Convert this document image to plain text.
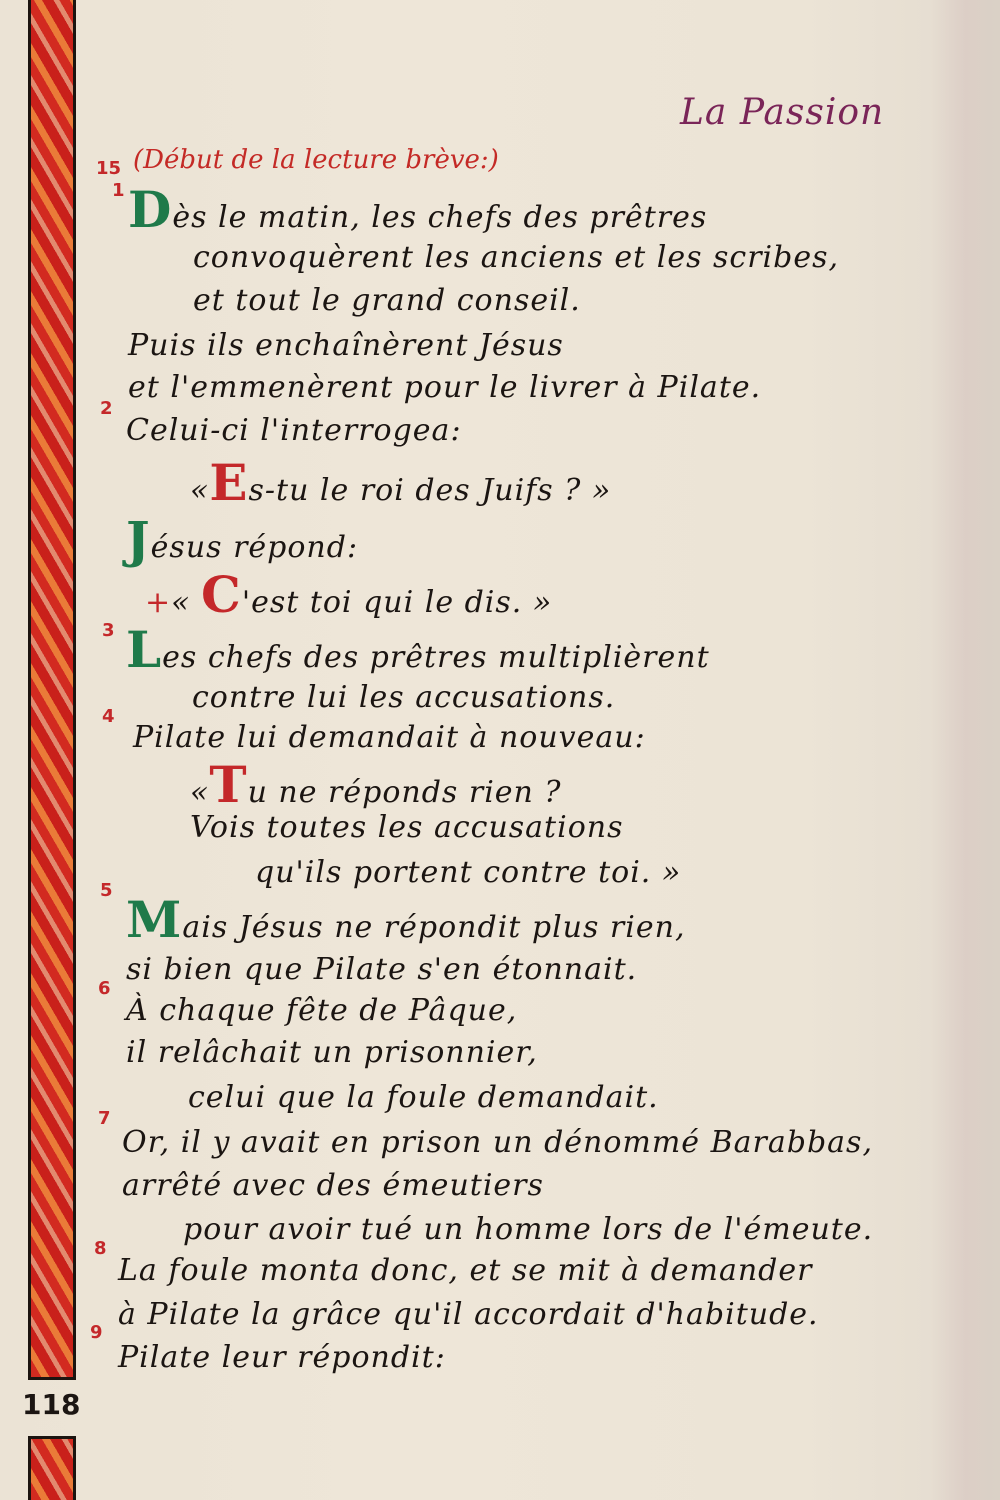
La Passion
(Début de la lecture brève:)
15
1
2
3
4
5
6
7
8
9
Dès le matin, les chefs des prêtres
convoquèrent les anciens et les scribes,
et tout le grand conseil.
Puis ils enchaînèrent Jésus
et l'emmenèrent pour le livrer à Pilate.
Celui-ci l'interrogea:
«Es-tu le roi des Juifs ? »
Jésus répond:
+« C'est toi qui le dis. »
Les chefs des prêtres multiplièrent
contre lui les accusations.
Pilate lui demandait à nouveau:
«Tu ne réponds rien ?
Vois toutes les accusations
qu'ils portent contre toi. »
Mais Jésus ne répondit plus rien,
si bien que Pilate s'en étonnait.
À chaque fête de Pâque,
il relâchait un prisonnier,
celui que la foule demandait.
Or, il y avait en prison un dénommé Barabbas,
arrêté avec des émeutiers
pour avoir tué un homme lors de l'émeute.
La foule monta donc, et se mit à demander
à Pilate la grâce qu'il accordait d'habitude.
Pilate leur répondit:
118
